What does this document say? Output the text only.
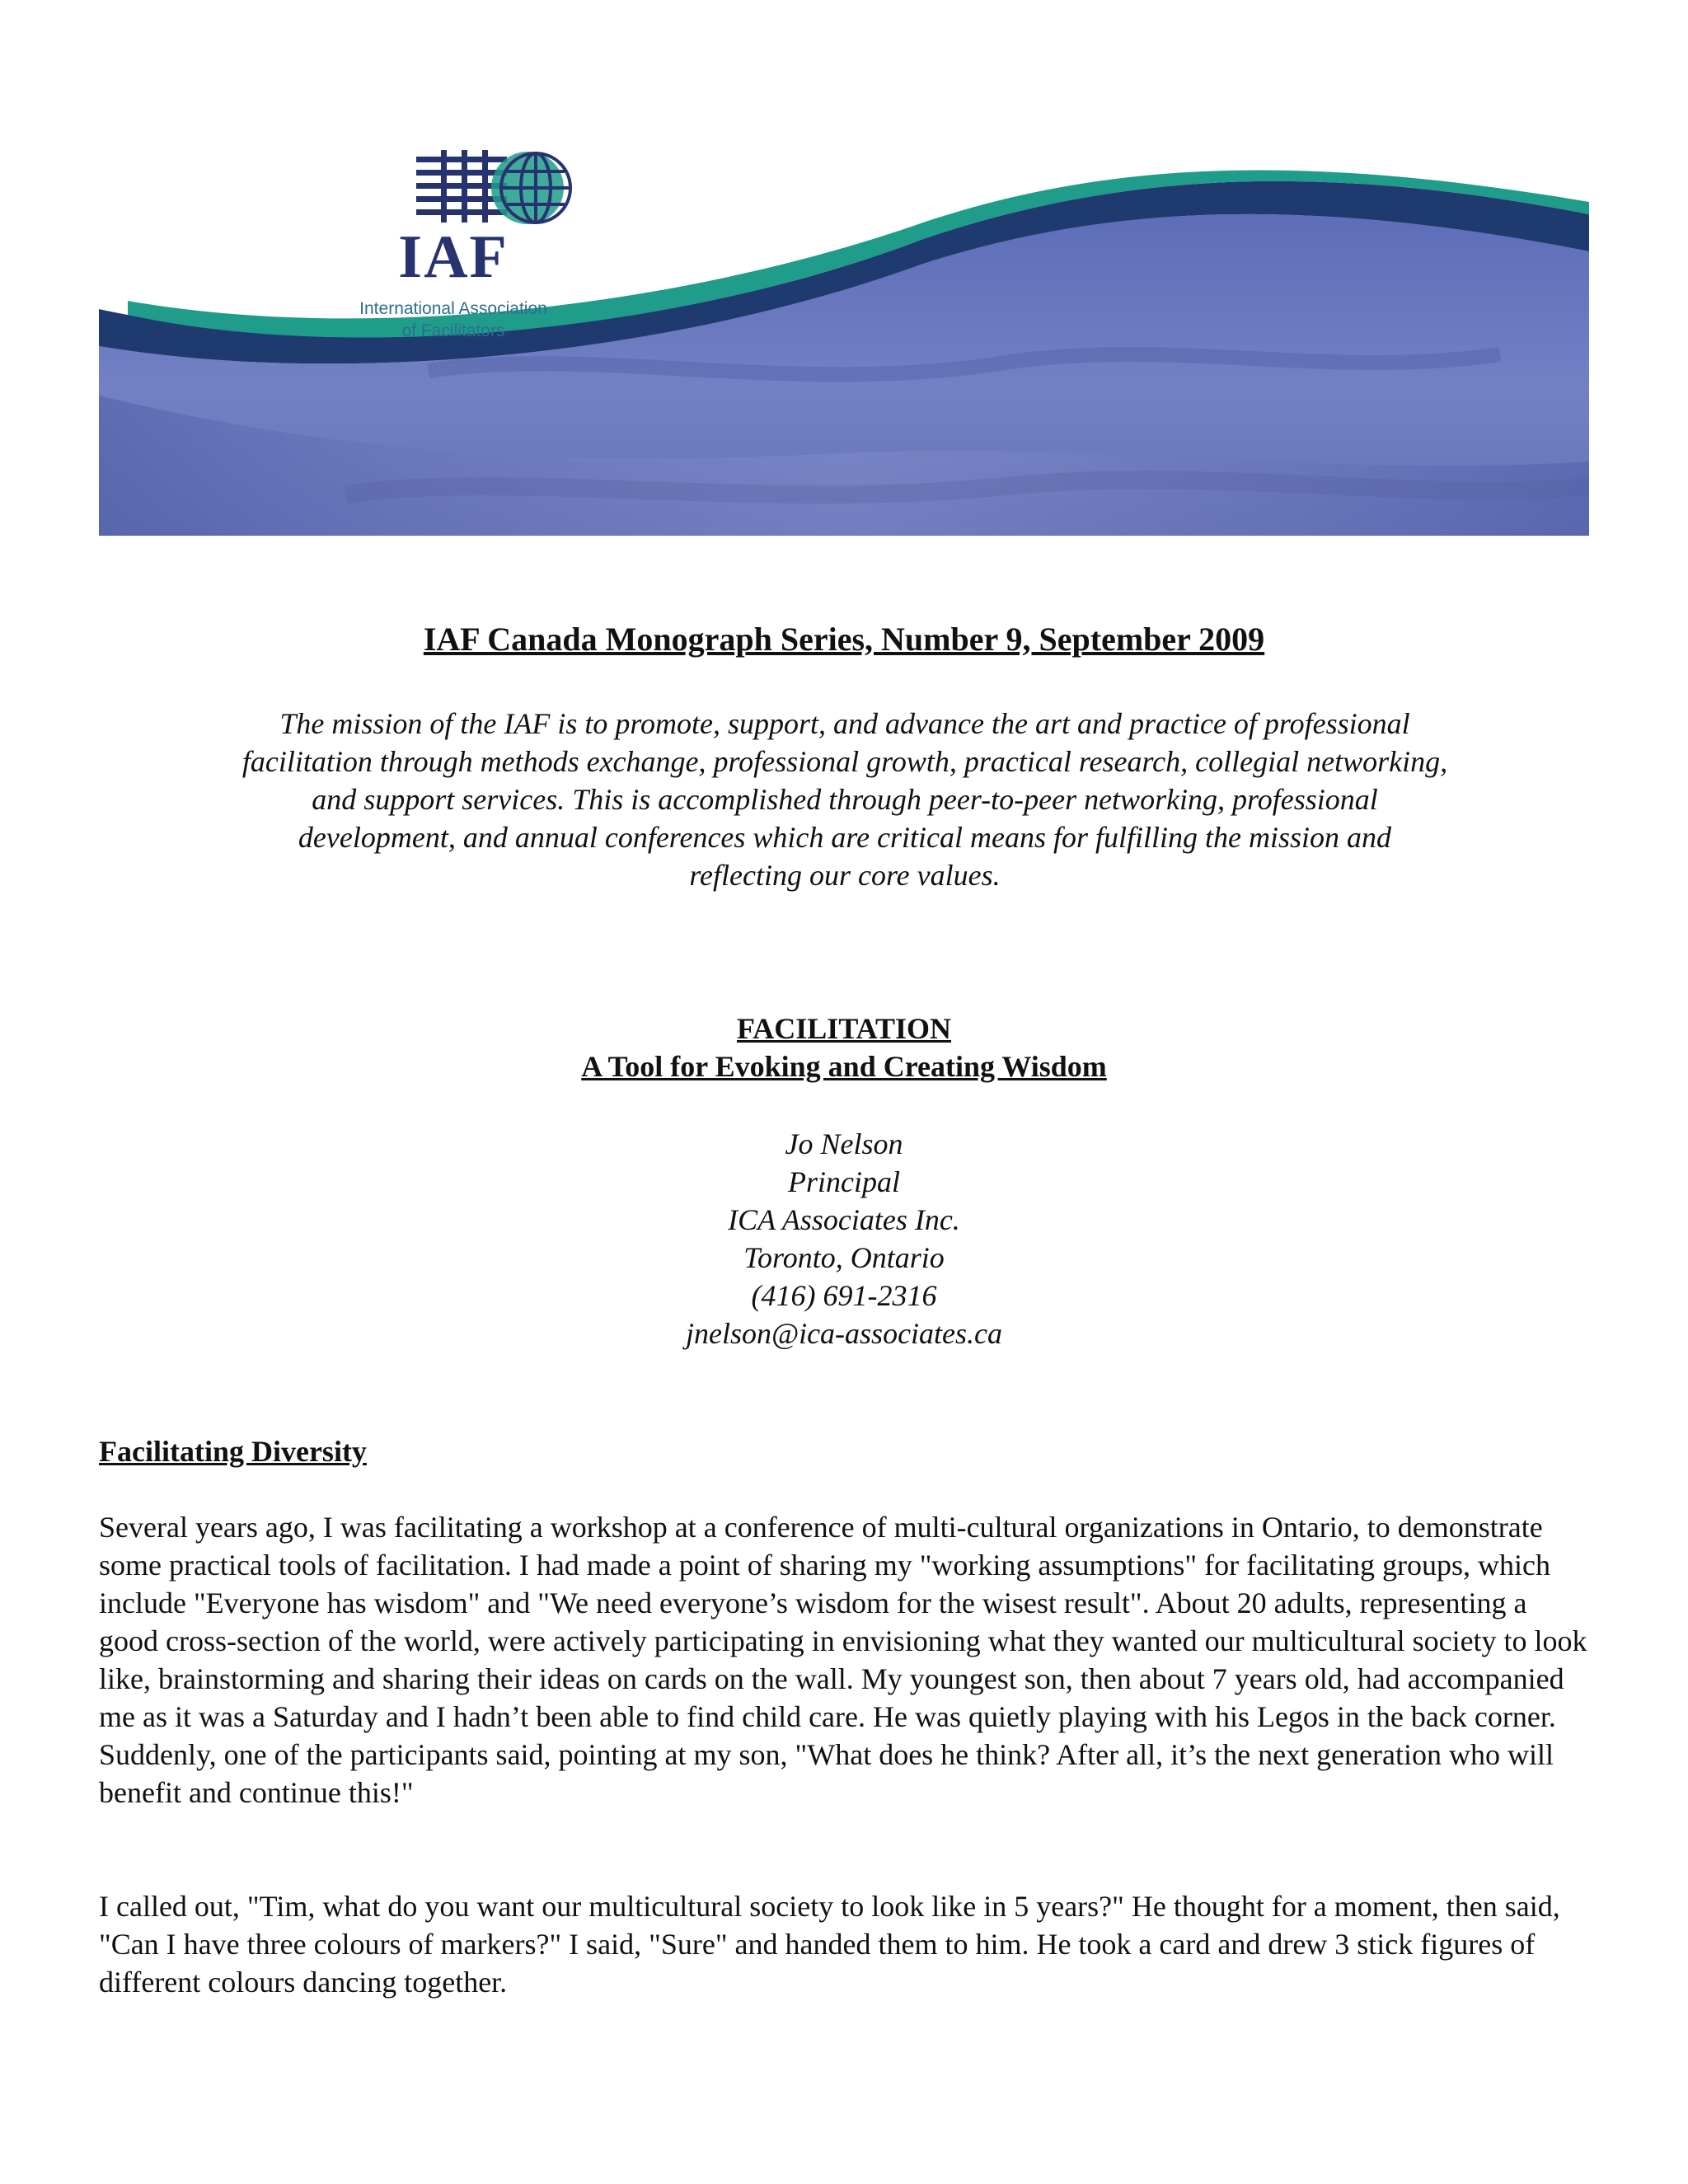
IAF
International Association
of Facilitators
IAF Canada Monograph Series, Number 9, September 2009
The mission of the IAF is to promote, support, and advance the art and practice of professional facilitation through methods exchange, professional growth, practical research, collegial networking, and support services. This is accomplished through peer-to-peer networking, professional development, and annual conferences which are critical means for fulfilling the mission and reflecting our core values.
FACILITATION
A Tool for Evoking and Creating Wisdom
Jo Nelson
Principal
ICA Associates Inc.
Toronto, Ontario
(416) 691-2316
jnelson@ica-associates.ca
Facilitating Diversity
Several years ago, I was facilitating a workshop at a conference of multi-cultural organizations in Ontario, to demonstrate some practical tools of facilitation. I had made a point of sharing my "working assumptions" for facilitating groups, which include "Everyone has wisdom" and "We need everyone’s wisdom for the wisest result". About 20 adults, representing a good cross-section of the world, were actively participating in envisioning what they wanted our multicultural society to look like, brainstorming and sharing their ideas on cards on the wall. My youngest son, then about 7 years old, had accompanied me as it was a Saturday and I hadn’t been able to find child care. He was quietly playing with his Legos in the back corner. Suddenly, one of the participants said, pointing at my son, "What does he think? After all, it’s the next generation who will benefit and continue this!"
I called out, "Tim, what do you want our multicultural society to look like in 5 years?" He thought for a moment, then said, "Can I have three colours of markers?" I said, "Sure" and handed them to him. He took a card and drew 3 stick figures of different colours dancing together.
